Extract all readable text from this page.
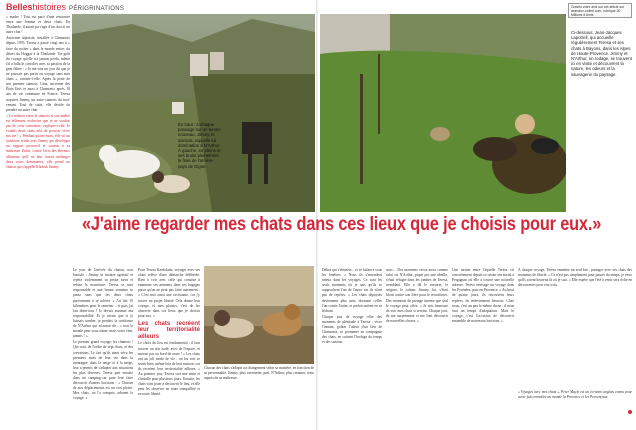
Belleshistoires PÉRIGRINATIONS

» mader ! Tout est parti d'une rencontre entre une femme et deux chats. En Thaïlande, il aurait pu s'agir d'un chat et un autre chat !

Ancienne alpiniste, installée à Chamonix depuis 1976, Teresa a passé vingt ans à « faire du rocher » dans le monde entier, du désert du Hoggar à la Thaïlande. Un goût du voyage qu'elle n'a jamais perdu, même s'il a fallu le concilier avec sa passion de la gent féline : « Je me suis un jour dit que je ne pouvais pas partir en voyage sans mes chats », raconte-t-elle. Après la perte de son premier siamois, Gina, survenue des États-Unis et mort à Chamonix après 18 ans de vie commune en France, Teresa acquiert Jimmy, un autre siamois du tout-venant. Tout de suite, elle décide de prendre un autre chat.

« La relation entre le siamois et son maître est tellement exclusive que je ne voulais pas de cette contrainte, explique-t-elle. Je voulais deux chats afin de pouvoir vivre ma vie ! » Pendant quatre mois, elle vit un symbiose totale avec Jimmy qui développe un rapport possessif et soumis à sa maîtresse. Enfin, contre l'avis des éleveurs affirmant qu'il ne leur faisait mélanger deux races dominantes, elle prend un chaton qui s'appelle Khobuk Jimmy.

En haut : à chaque passage sur un terrain nouveau, Jimmy, le siamois, rappelle sa domination à N'Arthur. À gauche, en pleins et ses bruits pleinement le frais de l'arrière-pays de Digne.
Gravez votre avis sur cet article sur animaux-online.com, rubrique 30 Millions d'Amis.
Ci-dessous, Jean-Jacques Lapotrell, qui accueille régulièrement Teresa et ses chats à Bayons, dans les Alpes de Haute-Provence. Jimmy et N'Arthur, en rodage, se trouvent ici en visite et découvrent la nature, les odeurs et la sauvagerie du paysage.
«J'aime regarder mes chats dans ces lieux que je choisis pour eux.»

Le jour de l'arrivée du chaton, tout bascule : Jimmy se montre agressif et rejette violemment sa petite sœur et refuse la nourriture. Teresa se sent responsable et une bonne semaine se passe sans que les deux chats parviennent à se tolérer. « J'ai fait 10 kilomètres pour le ramener – et puis j'ai fait demi-tour ! Je devais assumer ma responsabilité. Et je savais que si je laissais tomber, je perdais la confiance de N'Arthur qui m'aurait dit : « tout le monde peut vous aimer, mais votre chat, jamais ! ».

Le premier grand voyage, les chamois ! Qui sont, de l'ordre de sept chats, et des crevaisons. Le fait qu'ils aient vécu les premiers mois de leur vie dans la montagne, dans la neige et à la neige, leur a permis de s'adapter aux situations les plus diverses. Teresa part ensuite dans un camping-car pour leur faire découvrir d'autres horizons : « Chacun de nos déplacements est un vrai plaisir. Mes chats, on l'a compris, adorent le voyage. »

Pour Teresa Kardokain, voyager avec ses chats relève d'une démarche délibérée. Rien à voir avec celle qui consiste à emmener ses animaux dans ses bagages parce qu'on ne peut pas faire autrement : « C'est moi aussi une ravissante, car j'y trouve un projet liberté. Cela donne leur voyage, et mes plaisirs, c'est de les observer dans ces lieux que je choisis pour eux. »

Les chats recréent leur territorialité ailleurs

Le choix du lieu est fondamental : il faut trouver un site isolé, avec de l'espace, et surtout pas au bord de route ! « Les chats ont un joli mode de vie : on les voit se sentir bien, même loin de leur maison, car ils recréent leur territorialité ailleurs. » Au premier jour, Teresa sort une tente et s'installe pour plusieurs jours. Ensuite, les chats vont jouer à découvrir le lieu, et elle peut les observer en toute tranquillité et en toute liberté.

Chacun des chats s'adapte au changement selon sa manière, en fonction de sa personnalité. Jimmy, plus aventurier, part, N'Arthur, plus casanier, reste auprès de sa maîtresse.

Débat qui s'éternise... et se balance sous les fenêtres. « Nous ils s'entendent mieux dans les voyages. Ce sont les seuls moments où je sais qu'ils se rapprochent l'un de l'autre car ils n'ont pas de repères. » Les chats dépaysés deviennent plus unis, dormant collés l'un contre l'autre, et parfois même en se léchant.

Chaque jour de voyage offre des moments de plénitude à Teresa : vivre l'instant, goûter l'odeur d'un lieu de Chamonix, se promener en compagnie des chats, en suivant l'horloge du temps et des saisons.

sons… Des moments vécus aussi comme celui où N'Arthur, piqué par une abeille, s'était réfugié dans les jambes de Teresa, tremblant. Elle a dû le rassurer, le soigner, le calmer. Jimmy, lui, s'était blotti contre son frère pour le réconforter. Des moments de partage intense que seul le voyage peut offrir. « Je suis heureuse de voir mes chats si sereins. Chaque jour, ils me surprennent et me font découvrir de nouvelles choses. »

Une tartine entre l'aquelle Teresa vit concrètement depuis ce retour territorial à Pergignan où elle a trouvé une nouvelle adresse. Teresa envisage un voyage dans les Pyrénées, puis en Provence. « Au bout de quatre jours, ils retrouvent leurs repères, ils redeviennent heureux. Chez nous, c'est un peu la même chose : il nous faut un temps d'adaptation. Mais le voyage, c'est l'occasion de découvrir ensemble de nouveaux horizons. »

À chaque voyage, Teresa emmène un seul but : partager avec ses chats des moments de liberté. « Ce n'est pas simplement pour passer du temps, je veux qu'ils soient heureux là où je suis. » Elle espère que l'été à venir sera riche en découvertes pour eux trois.

« Voyages avec mes chats », Peter Mayle est un écrivain anglais connu pour avoir fait connaître au monde la Provence et les Provençaux.
